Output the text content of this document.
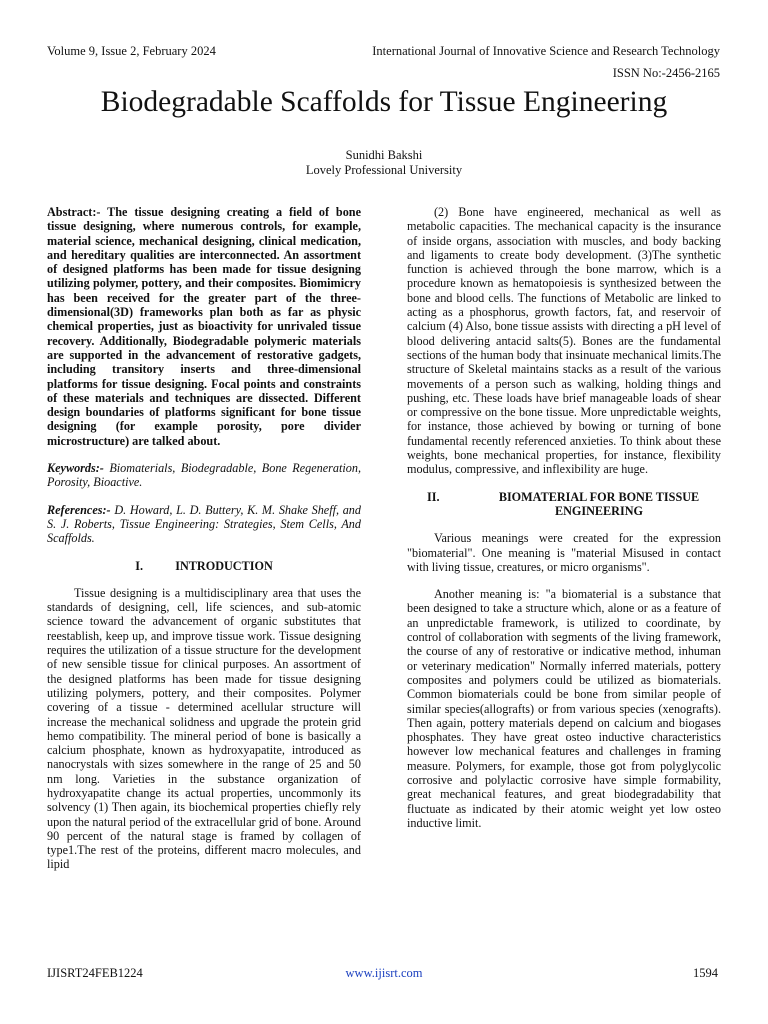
Volume 9, Issue 2, February 2024	International Journal of Innovative Science and Research Technology
ISSN No:-2456-2165
Biodegradable Scaffolds for Tissue Engineering
Sunidhi Bakshi
Lovely Professional University

Abstract:- The tissue designing creating a field of bone tissue designing, where numerous controls, for example, material science, mechanical designing, clinical medication, and hereditary qualities are interconnected. An assortment of designed platforms has been made for tissue designing utilizing polymer, pottery, and their composites. Biomimicry has been received for the greater part of the three-dimensional(3D) frameworks plan both as far as physic chemical properties, just as bioactivity for unrivaled tissue recovery. Additionally, Biodegradable polymeric materials are supported in the advancement of restorative gadgets, including transitory inserts and three-dimensional platforms for tissue designing. Focal points and constraints of these materials and techniques are dissected. Different design boundaries of platforms significant for bone tissue designing (for example porosity, pore divider microstructure) are talked about.

Keywords:- Biomaterials, Biodegradable, Bone Regeneration, Porosity, Bioactive.

References:- D. Howard, L. D. Buttery, K. M. Shake Sheff, and S. J. Roberts, Tissue Engineering: Strategies, Stem Cells, And Scaffolds.

I.	INTRODUCTION

Tissue designing is a multidisciplinary area that uses the standards of designing, cell, life sciences, and sub-atomic science toward the advancement of organic substitutes that reestablish, keep up, and improve tissue work. Tissue designing requires the utilization of a tissue structure for the development of new sensible tissue for clinical purposes. An assortment of the designed platforms has been made for tissue designing utilizing polymers, pottery, and their composites. Polymer covering of a tissue - determined acellular structure will increase the mechanical solidness and upgrade the protein grid hemo compatibility. The mineral period of bone is basically a calcium phosphate, known as hydroxyapatite, introduced as nanocrystals with sizes somewhere in the range of 25 and 50 nm long. Varieties in the substance organization of hydroxyapatite change its actual properties, uncommonly its solvency (1) Then again, its biochemical properties chiefly rely upon the natural period of the extracellular grid of bone. Around 90 percent of the natural stage is framed by collagen of type1.The rest of the proteins, different macro molecules, and lipid

(2) Bone have engineered, mechanical as well as metabolic capacities. The mechanical capacity is the insurance of inside organs, association with muscles, and body backing and ligaments to create body development. (3)The synthetic function is achieved through the bone marrow, which is a procedure known as hematopoiesis is synthesized between the bone and blood cells. The functions of Metabolic are linked to acting as a phosphorus, growth factors, fat, and reservoir of calcium (4) Also, bone tissue assists with directing a pH level of blood delivering antacid salts(5). Bones are the fundamental sections of the human body that insinuate mechanical limits.The structure of Skeletal maintains stacks as a result of the various movements of a person such as walking, holding things and pushing, etc. These loads have brief manageable loads of shear or compressive on the bone tissue. More unpredictable weights, for instance, those achieved by bowing or turning of bone fundamental recently referenced anxieties. To think about these weights, bone mechanical properties, for instance, flexibility modulus, compressive, and inflexibility are huge.

II.	BIOMATERIAL FOR BONE TISSUE ENGINEERING

Various meanings were created for the expression "biomaterial". One meaning is "material Misused in contact with living tissue, creatures, or micro organisms".

Another meaning is: "a biomaterial is a substance that been designed to take a structure which, alone or as a feature of an unpredictable framework, is utilized to coordinate, by control of collaboration with segments of the living framework, the course of any of restorative or indicative method, inhuman or veterinary medication" Normally inferred materials, pottery composites and polymers could be utilized as biomaterials. Common biomaterials could be bone from similar people of similar species(allografts) or from various species (xenografts). Then again, pottery materials depend on calcium and biogases phosphates. They have great osteo inductive characteristics however low mechanical features and challenges in framing measure. Polymers, for example, those got from polyglycolic corrosive and polylactic corrosive have simple formability, great mechanical features, and great biodegradability that fluctuate as indicated by their atomic weight yet low osteo inductive limit.

IJISRT24FEB1224	www.ijisrt.com	1594
